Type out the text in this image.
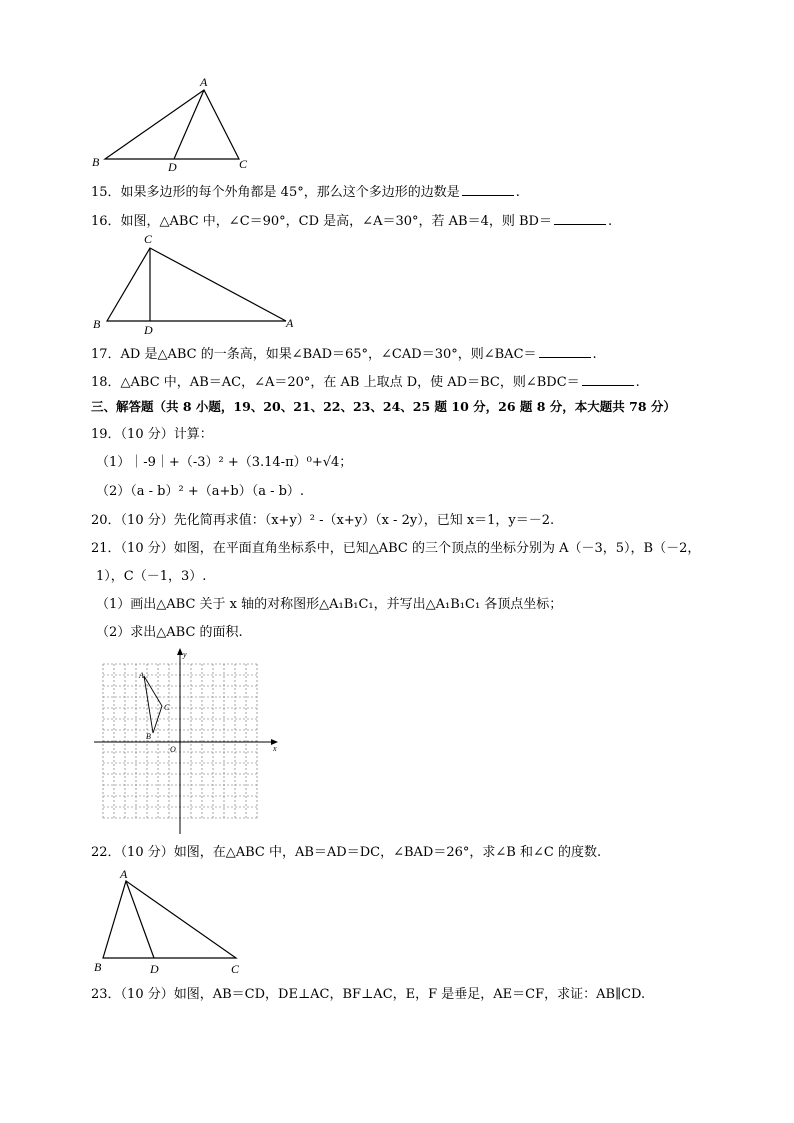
A
B	D	C
15．如果多边形的每个外角都是 45°，那么这个多边形的边数是	.
16．如图，△ABC 中，∠C＝90°，CD 是高，∠A＝30°，若 AB＝4，则 BD＝	.
C
B	D	A
17．AD 是△ABC 的一条高，如果∠BAD＝65°，∠CAD＝30°，则∠BAC＝	.
18．△ABC 中，AB＝AC，∠A＝20°，在 AB 上取点 D，使 AD＝BC，则∠BDC＝	.
三、解答题（共 8 小题，19、20、21、22、23、24、25 题 10 分，26 题 8 分，本大题共 78 分）
19．（10 分）计算：
（1）｜-9｜+（-3）² +（3.14-π）⁰+√4；
（2）（a - b）² +（a+b）（a - b）.
20．（10 分）先化简再求值：（x+y）² -（x+y）（x - 2y），已知 x＝1，y＝－2.
21．（10 分）如图，在平面直角坐标系中，已知△ABC 的三个顶点的坐标分别为 A（－3，5），B（－2，
1），C（－1，3）.
（1）画出△ABC 关于 x 轴的对称图形△A₁B₁C₁，并写出△A₁B₁C₁ 各顶点坐标；
（2）求出△ABC 的面积.
A
B
C
O	x
y
22．（10 分）如图，在△ABC 中，AB＝AD＝DC，∠BAD＝26°，求∠B 和∠C 的度数.
A
B	D	C
23．（10 分）如图，AB＝CD，DE⊥AC，BF⊥AC，E，F 是垂足，AE＝CF，求证：AB∥CD.
